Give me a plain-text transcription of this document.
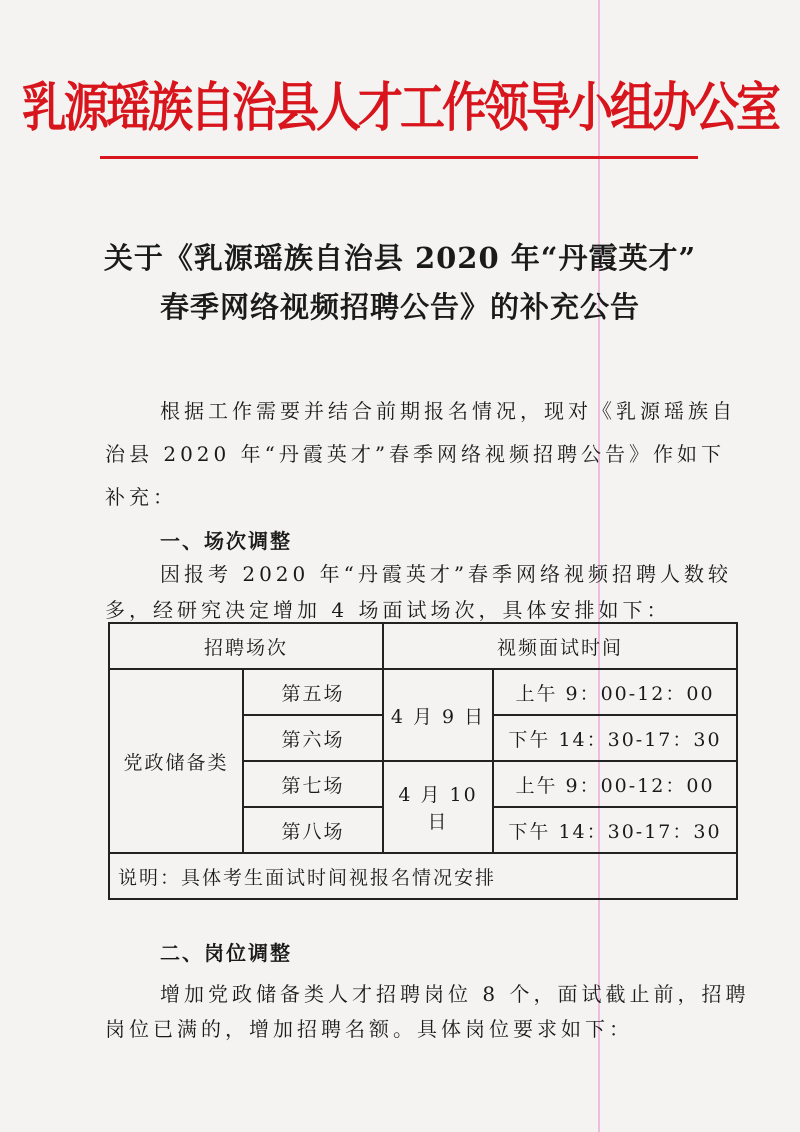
乳源瑶族自治县人才工作领导小组办公室
关于《乳源瑶族自治县 2020 年“丹霞英才”
春季网络视频招聘公告》的补充公告
根据工作需要并结合前期报名情况，现对《乳源瑶族自
治县 2020 年“丹霞英才”春季网络视频招聘公告》作如下
补充：
一、场次调整
因报考 2020 年“丹霞英才”春季网络视频招聘人数较
多，经研究决定增加 4 场面试场次，具体安排如下：
招聘场次		视频面试时间	
党政储备类	第五场	4 月 9 日	上午 9：00-12：00
	第六场		下午 14：30-17：30
	第七场	4 月 10 日	上午 9：00-12：00
	第八场		下午 14：30-17：30
说明：具体考生面试时间视报名情况安排			
二、岗位调整
增加党政储备类人才招聘岗位 8 个，面试截止前，招聘
岗位已满的，增加招聘名额。具体岗位要求如下：
